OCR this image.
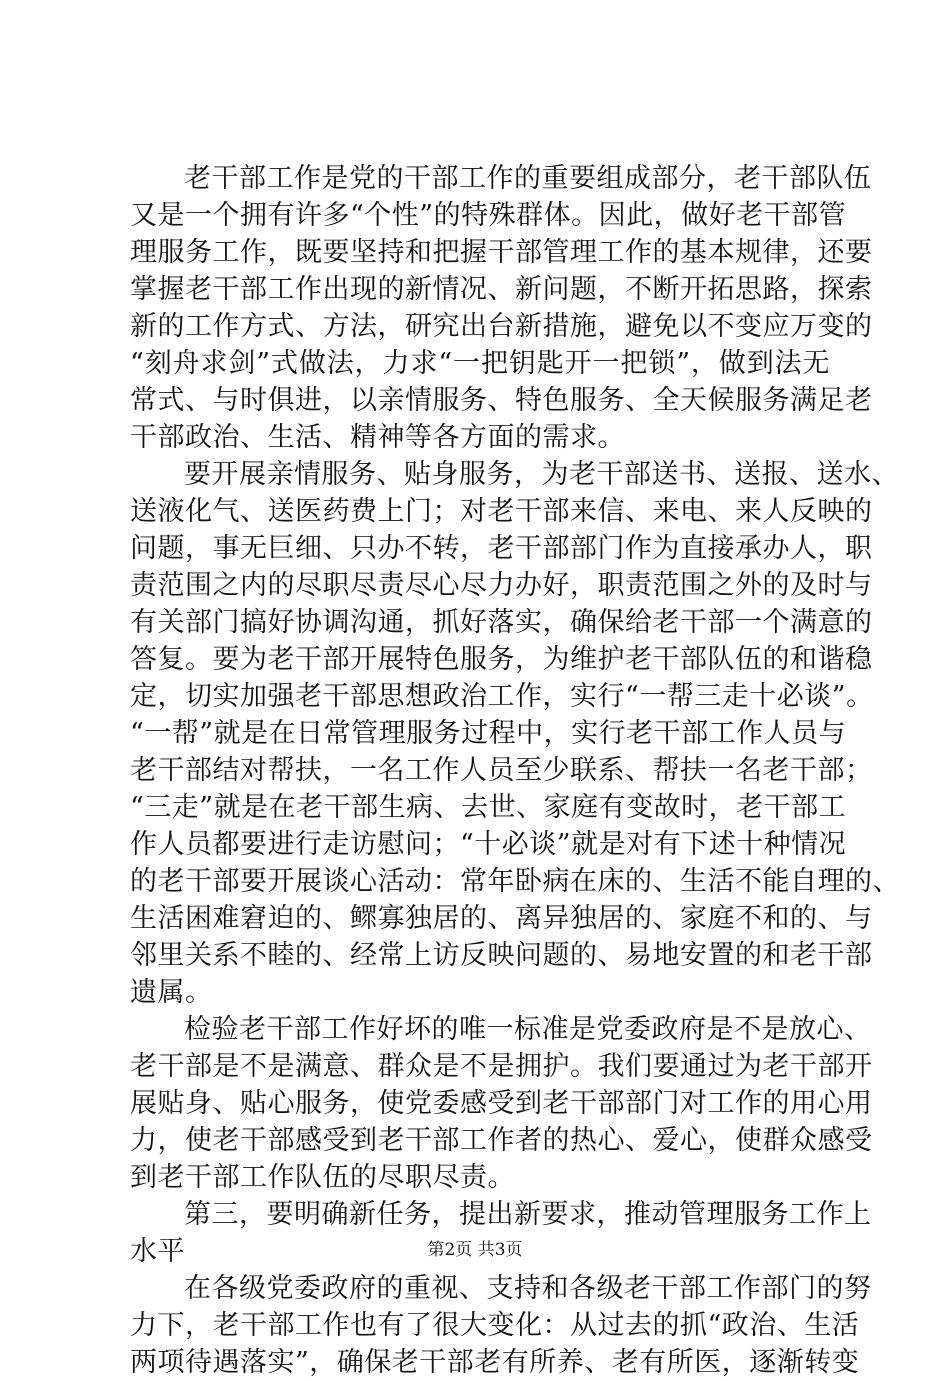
老干部工作是党的干部工作的重要组成部分，老干部队伍
又是一个拥有许多“个性”的特殊群体。因此，做好老干部管
理服务工作，既要坚持和把握干部管理工作的基本规律，还要
掌握老干部工作出现的新情况、新问题，不断开拓思路，探索
新的工作方式、方法，研究出台新措施，避免以不变应万变的
“刻舟求剑”式做法，力求“一把钥匙开一把锁”，做到法无
常式、与时俱进，以亲情服务、特色服务、全天候服务满足老
干部政治、生活、精神等各方面的需求。
要开展亲情服务、贴身服务，为老干部送书、送报、送水、
送液化气、送医药费上门；对老干部来信、来电、来人反映的
问题，事无巨细、只办不转，老干部部门作为直接承办人，职
责范围之内的尽职尽责尽心尽力办好，职责范围之外的及时与
有关部门搞好协调沟通，抓好落实，确保给老干部一个满意的
答复。要为老干部开展特色服务，为维护老干部队伍的和谐稳
定，切实加强老干部思想政治工作，实行“一帮三走十必谈”。
“一帮”就是在日常管理服务过程中，实行老干部工作人员与
老干部结对帮扶，一名工作人员至少联系、帮扶一名老干部；
“三走”就是在老干部生病、去世、家庭有变故时，老干部工
作人员都要进行走访慰问；“十必谈”就是对有下述十种情况
的老干部要开展谈心活动：常年卧病在床的、生活不能自理的、
生活困难窘迫的、鳏寡独居的、离异独居的、家庭不和的、与
邻里关系不睦的、经常上访反映问题的、易地安置的和老干部
遗属。
检验老干部工作好坏的唯一标准是党委政府是不是放心、
老干部是不是满意、群众是不是拥护。我们要通过为老干部开
展贴身、贴心服务，使党委感受到老干部部门对工作的用心用
力，使老干部感受到老干部工作者的热心、爱心，使群众感受
到老干部工作队伍的尽职尽责。
第三，要明确新任务，提出新要求，推动管理服务工作上
水平
在各级党委政府的重视、支持和各级老干部工作部门的努
力下，老干部工作也有了很大变化：从过去的抓“政治、生活
两项待遇落实”，确保老干部老有所养、老有所医，逐渐转变
第2页 共3页
